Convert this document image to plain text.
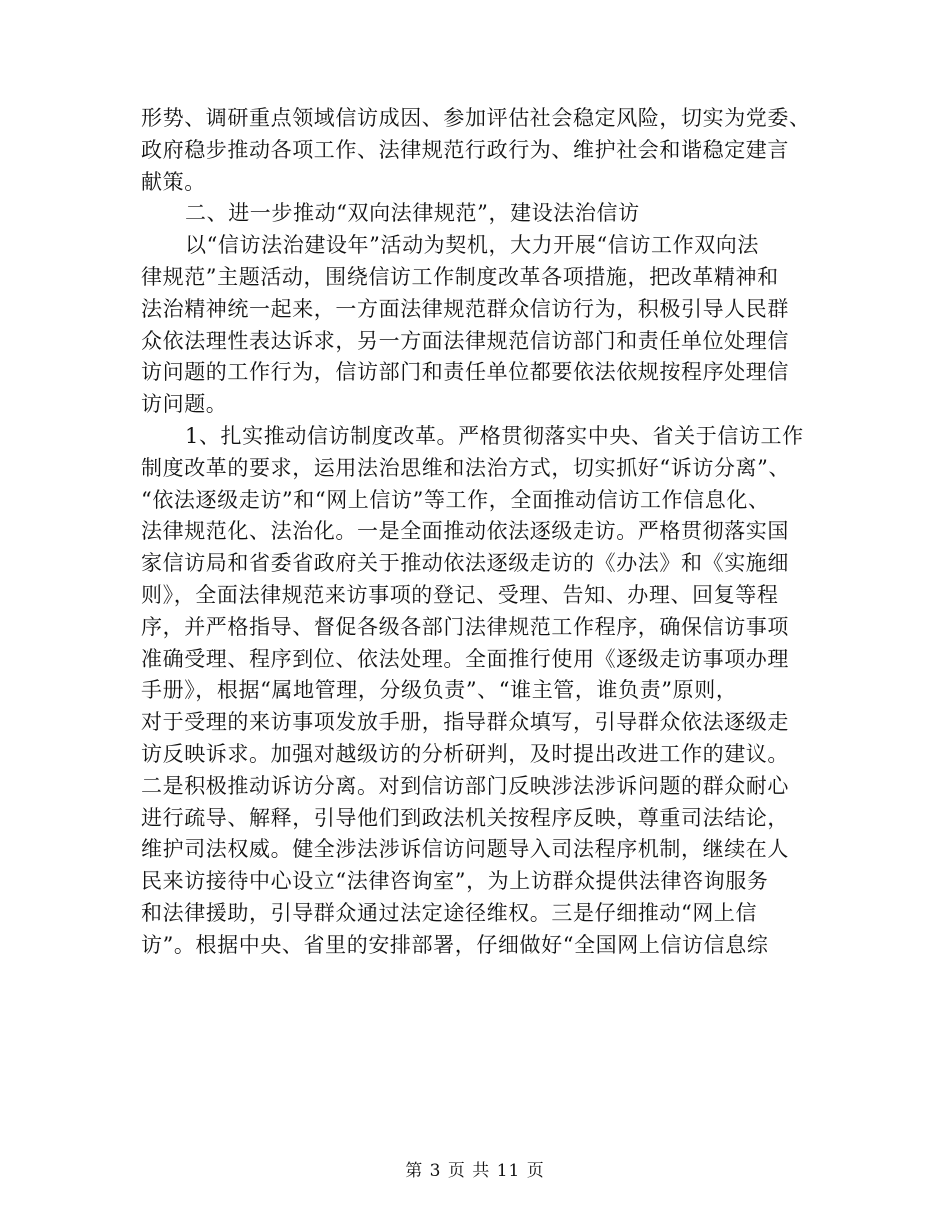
形势、调研重点领域信访成因、参加评估社会稳定风险，切实为党委、
政府稳步推动各项工作、法律规范行政行为、维护社会和谐稳定建言
献策。
二、进一步推动“双向法律规范”，建设法治信访
以“信访法治建设年”活动为契机，大力开展“信访工作双向法
律规范”主题活动，围绕信访工作制度改革各项措施，把改革精神和
法治精神统一起来，一方面法律规范群众信访行为，积极引导人民群
众依法理性表达诉求，另一方面法律规范信访部门和责任单位处理信
访问题的工作行为，信访部门和责任单位都要依法依规按程序处理信
访问题。
1、扎实推动信访制度改革。严格贯彻落实中央、省关于信访工作
制度改革的要求，运用法治思维和法治方式，切实抓好“诉访分离”、
“依法逐级走访”和“网上信访”等工作，全面推动信访工作信息化、
法律规范化、法治化。一是全面推动依法逐级走访。严格贯彻落实国
家信访局和省委省政府关于推动依法逐级走访的《办法》和《实施细
则》，全面法律规范来访事项的登记、受理、告知、办理、回复等程
序，并严格指导、督促各级各部门法律规范工作程序，确保信访事项
准确受理、程序到位、依法处理。全面推行使用《逐级走访事项办理
手册》，根据“属地管理，分级负责”、“谁主管，谁负责”原则，
对于受理的来访事项发放手册，指导群众填写，引导群众依法逐级走
访反映诉求。加强对越级访的分析研判，及时提出改进工作的建议。
二是积极推动诉访分离。对到信访部门反映涉法涉诉问题的群众耐心
进行疏导、解释，引导他们到政法机关按程序反映，尊重司法结论，
维护司法权威。健全涉法涉诉信访问题导入司法程序机制，继续在人
民来访接待中心设立“法律咨询室”，为上访群众提供法律咨询服务
和法律援助，引导群众通过法定途径维权。三是仔细推动“网上信
访”。根据中央、省里的安排部署，仔细做好“全国网上信访信息综
第 3 页 共 11 页
